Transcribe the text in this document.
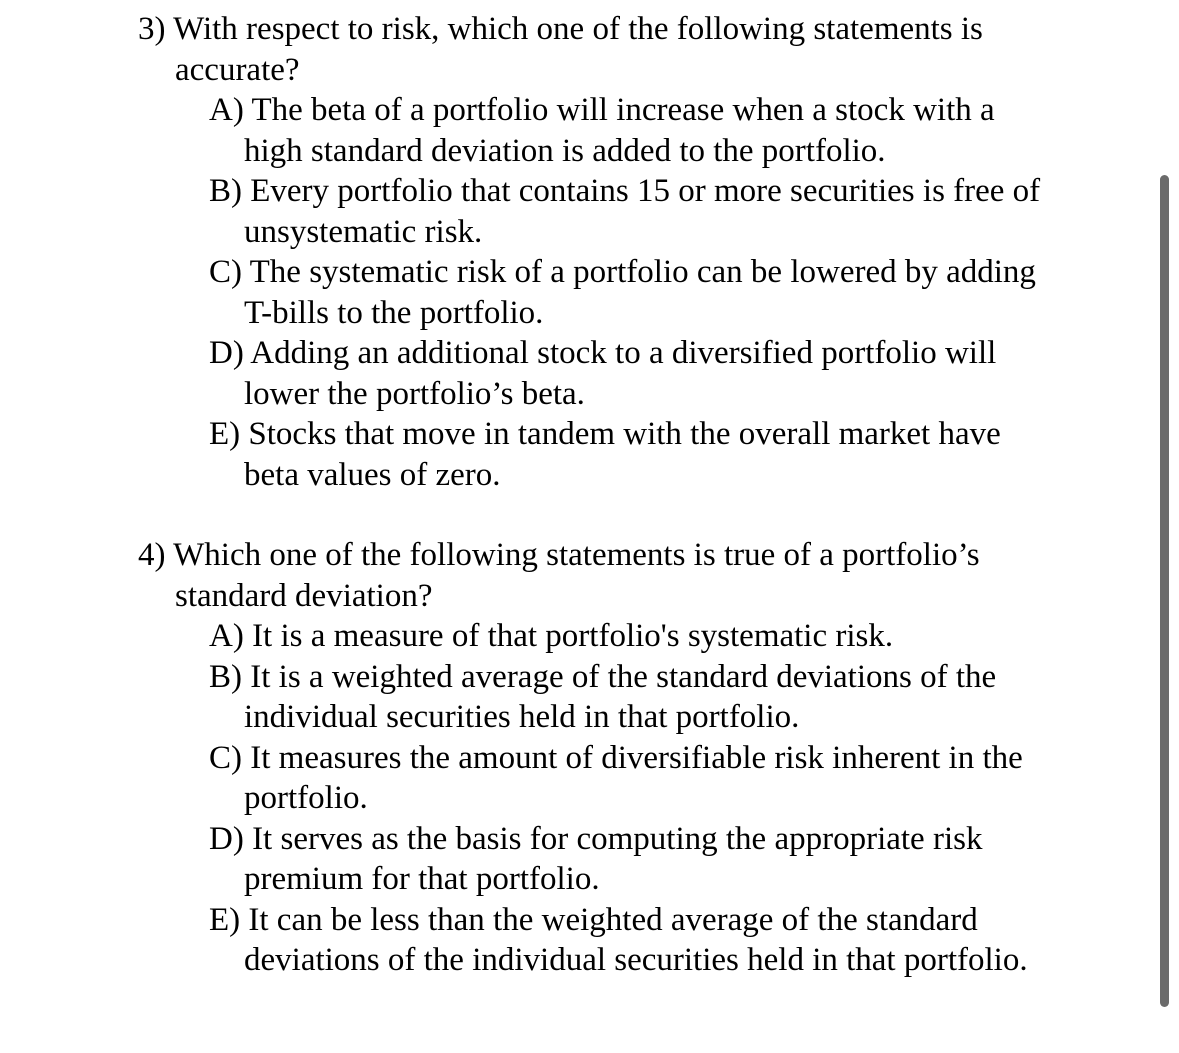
3) With respect to risk, which one of the following statements is accurate?

A) The beta of a portfolio will increase when a stock with a high standard deviation is added to the portfolio.
B) Every portfolio that contains 15 or more securities is free of unsystematic risk.
C) The systematic risk of a portfolio can be lowered by adding T-bills to the portfolio.
D) Adding an additional stock to a diversified portfolio will lower the portfolio’s beta.
E) Stocks that move in tandem with the overall market have beta values of zero.

4) Which one of the following statements is true of a portfolio’s standard deviation?

A) It is a measure of that portfolio's systematic risk.
B) It is a weighted average of the standard deviations of the individual securities held in that portfolio.
C) It measures the amount of diversifiable risk inherent in the portfolio.
D) It serves as the basis for computing the appropriate risk premium for that portfolio.
E) It can be less than the weighted average of the standard deviations of the individual securities held in that portfolio.
